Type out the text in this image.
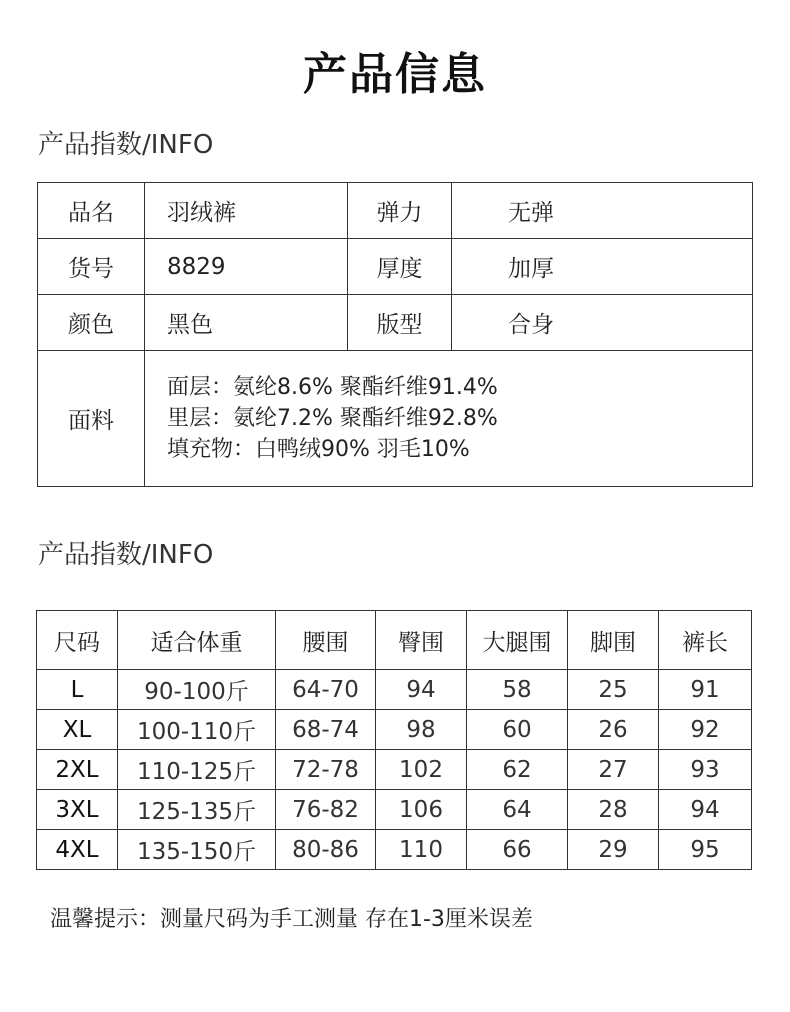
产品信息
产品指数/INFO
品名	羽绒裤	弹力	无弹
货号	8829	厚度	加厚
颜色	黑色	版型	合身
面料	面层：氨纶8.6% 聚酯纤维91.4%
里层：氨纶7.2% 聚酯纤维92.8%
填充物：白鸭绒90% 羽毛10%		
产品指数/INFO
尺码	适合体重	腰围	臀围	大腿围	脚围	裤长
L	90-100斤	64-70	94	58	25	91
XL	100-110斤	68-74	98	60	26	92
2XL	110-125斤	72-78	102	62	27	93
3XL	125-135斤	76-82	106	64	28	94
4XL	135-150斤	80-86	110	66	29	95
温馨提示：测量尺码为手工测量 存在1-3厘米误差
